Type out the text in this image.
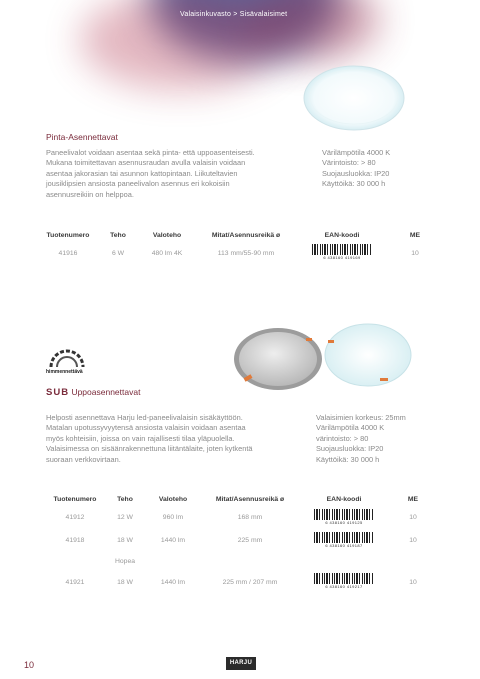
Valaisinkuvasto > Sisävalaisimet
Pinta-Asennettavat
Paneelivalot voidaan asentaa sekä pinta- että uppoasenteisesti.
Mukana toimitettavan asennusraudan avulla valaisin voidaan
asentaa jakorasian tai asunnon kattopintaan. Liikuteltavien
jousiklipsien ansiosta paneelivalon asennus eri kokoisiin
asennusreikiin on helppoa.
Värilämpötila 4000 K
Värintoisto: > 80
Suojausluokka: IP20
Käyttöikä: 30 000 h
Tuotenumero	Teho	Valoteho	Mitat/Asennusreikä ø	EAN-koodi	ME
41916	6 W	480 lm 4K	113 mm/55-90 mm	6 438160 419169	10
himmennettävä
SUB Uppoasennettavat
Helposti asennettava Harju led-paneelivalaisin sisäkäyttöön.
Matalan upotussyvyytensä ansiosta valaisin voidaan asentaa
myös kohteisiin, joissa on vain rajallisesti tilaa yläpuolella.
Valaisimessa on sisäänrakennettuna liitäntälaite, joten kytkentä
suoraan verkkovirtaan.
Valaisimien korkeus: 25mm
Värilämpötila 4000 K
värintoisto: > 80
Suojausluokka: IP20
Käyttöikä: 30 000 h
Tuotenumero	Teho	Valoteho	Mitat/Asennusreikä ø	EAN-koodi	ME
41912	12 W	960 lm	168 mm	6 438160 419125	10
41918	18 W	1440 lm	225 mm	6 438160 419187	10
	Hopea				
41921	18 W	1440 lm	225 mm / 207 mm	6 438160 419217	10
10	HARJU
